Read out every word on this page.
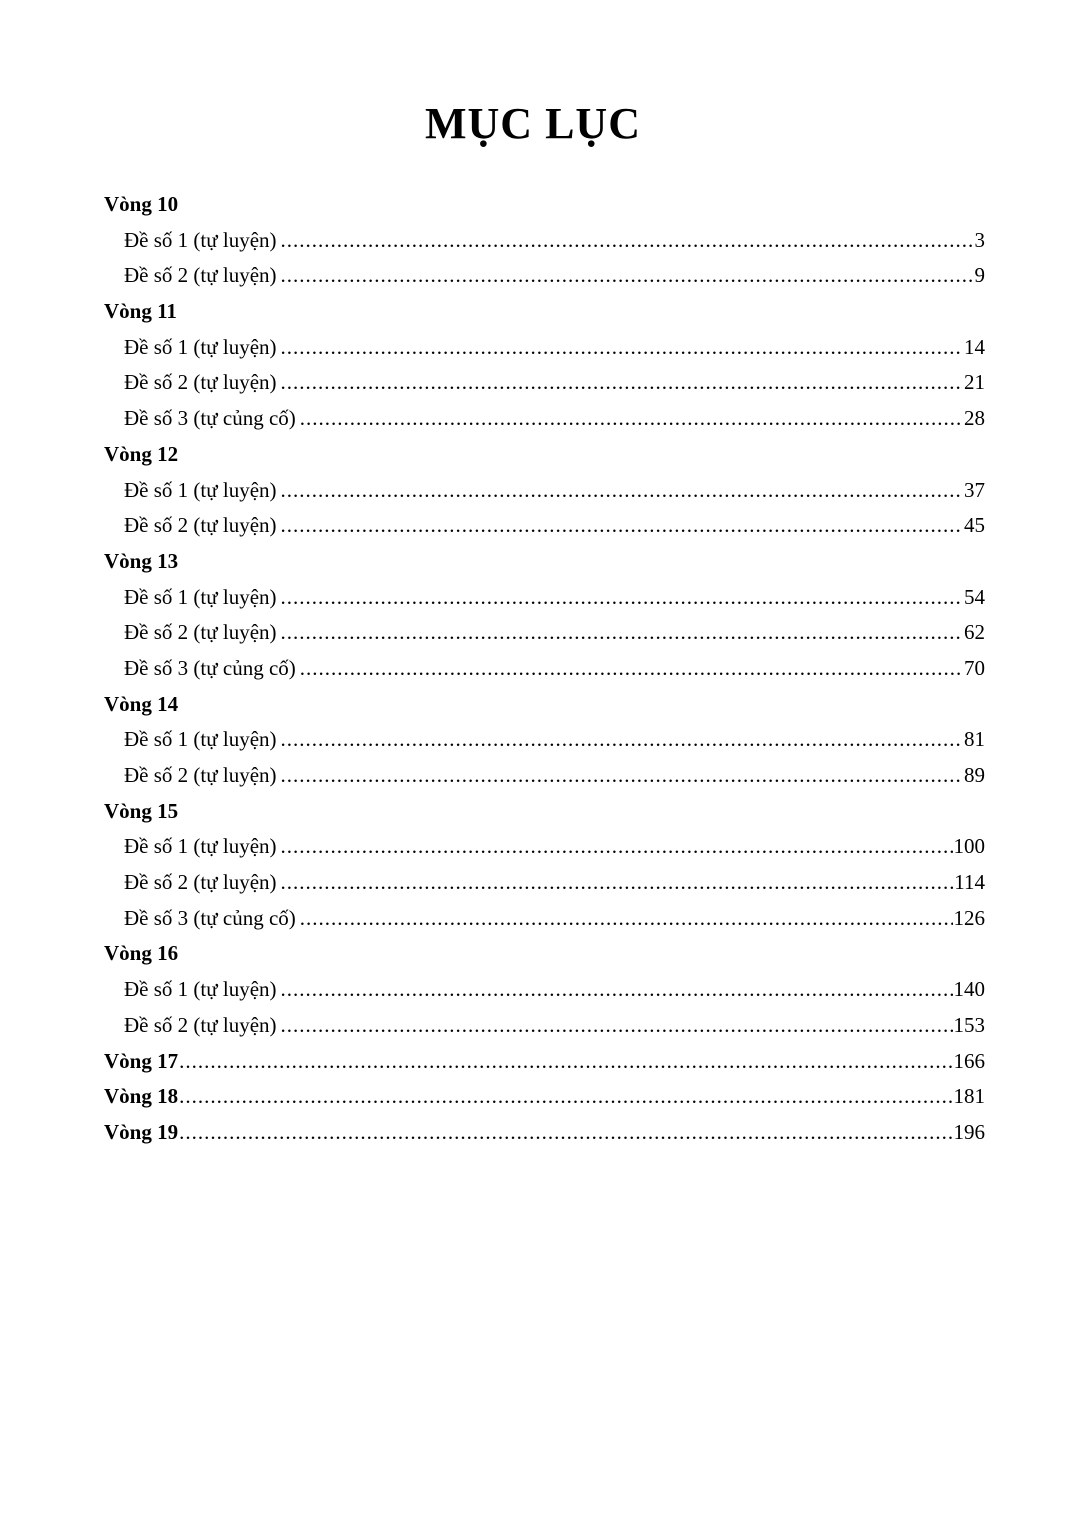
MỤC LỤC
Vòng 10
Đề số 1 (tự luyện) .....	3
Đề số 2 (tự luyện) .....	9
Vòng 11
Đề số 1 (tự luyện) .....	14
Đề số 2 (tự luyện) .....	21
Đề số 3 (tự củng cố) .....	28
Vòng 12
Đề số 1 (tự luyện) .....	37
Đề số 2 (tự luyện) .....	45
Vòng 13
Đề số 1 (tự luyện) .....	54
Đề số 2 (tự luyện) .....	62
Đề số 3 (tự củng cố) .....	70
Vòng 14
Đề số 1 (tự luyện) .....	81
Đề số 2 (tự luyện) .....	89
Vòng 15
Đề số 1 (tự luyện) .....	100
Đề số 2 (tự luyện) .....	114
Đề số 3 (tự củng cố) .....	126
Vòng 16
Đề số 1 (tự luyện) .....	140
Đề số 2 (tự luyện) .....	153
Vòng 17 .....	166
Vòng 18 .....	181
Vòng 19 .....	196
